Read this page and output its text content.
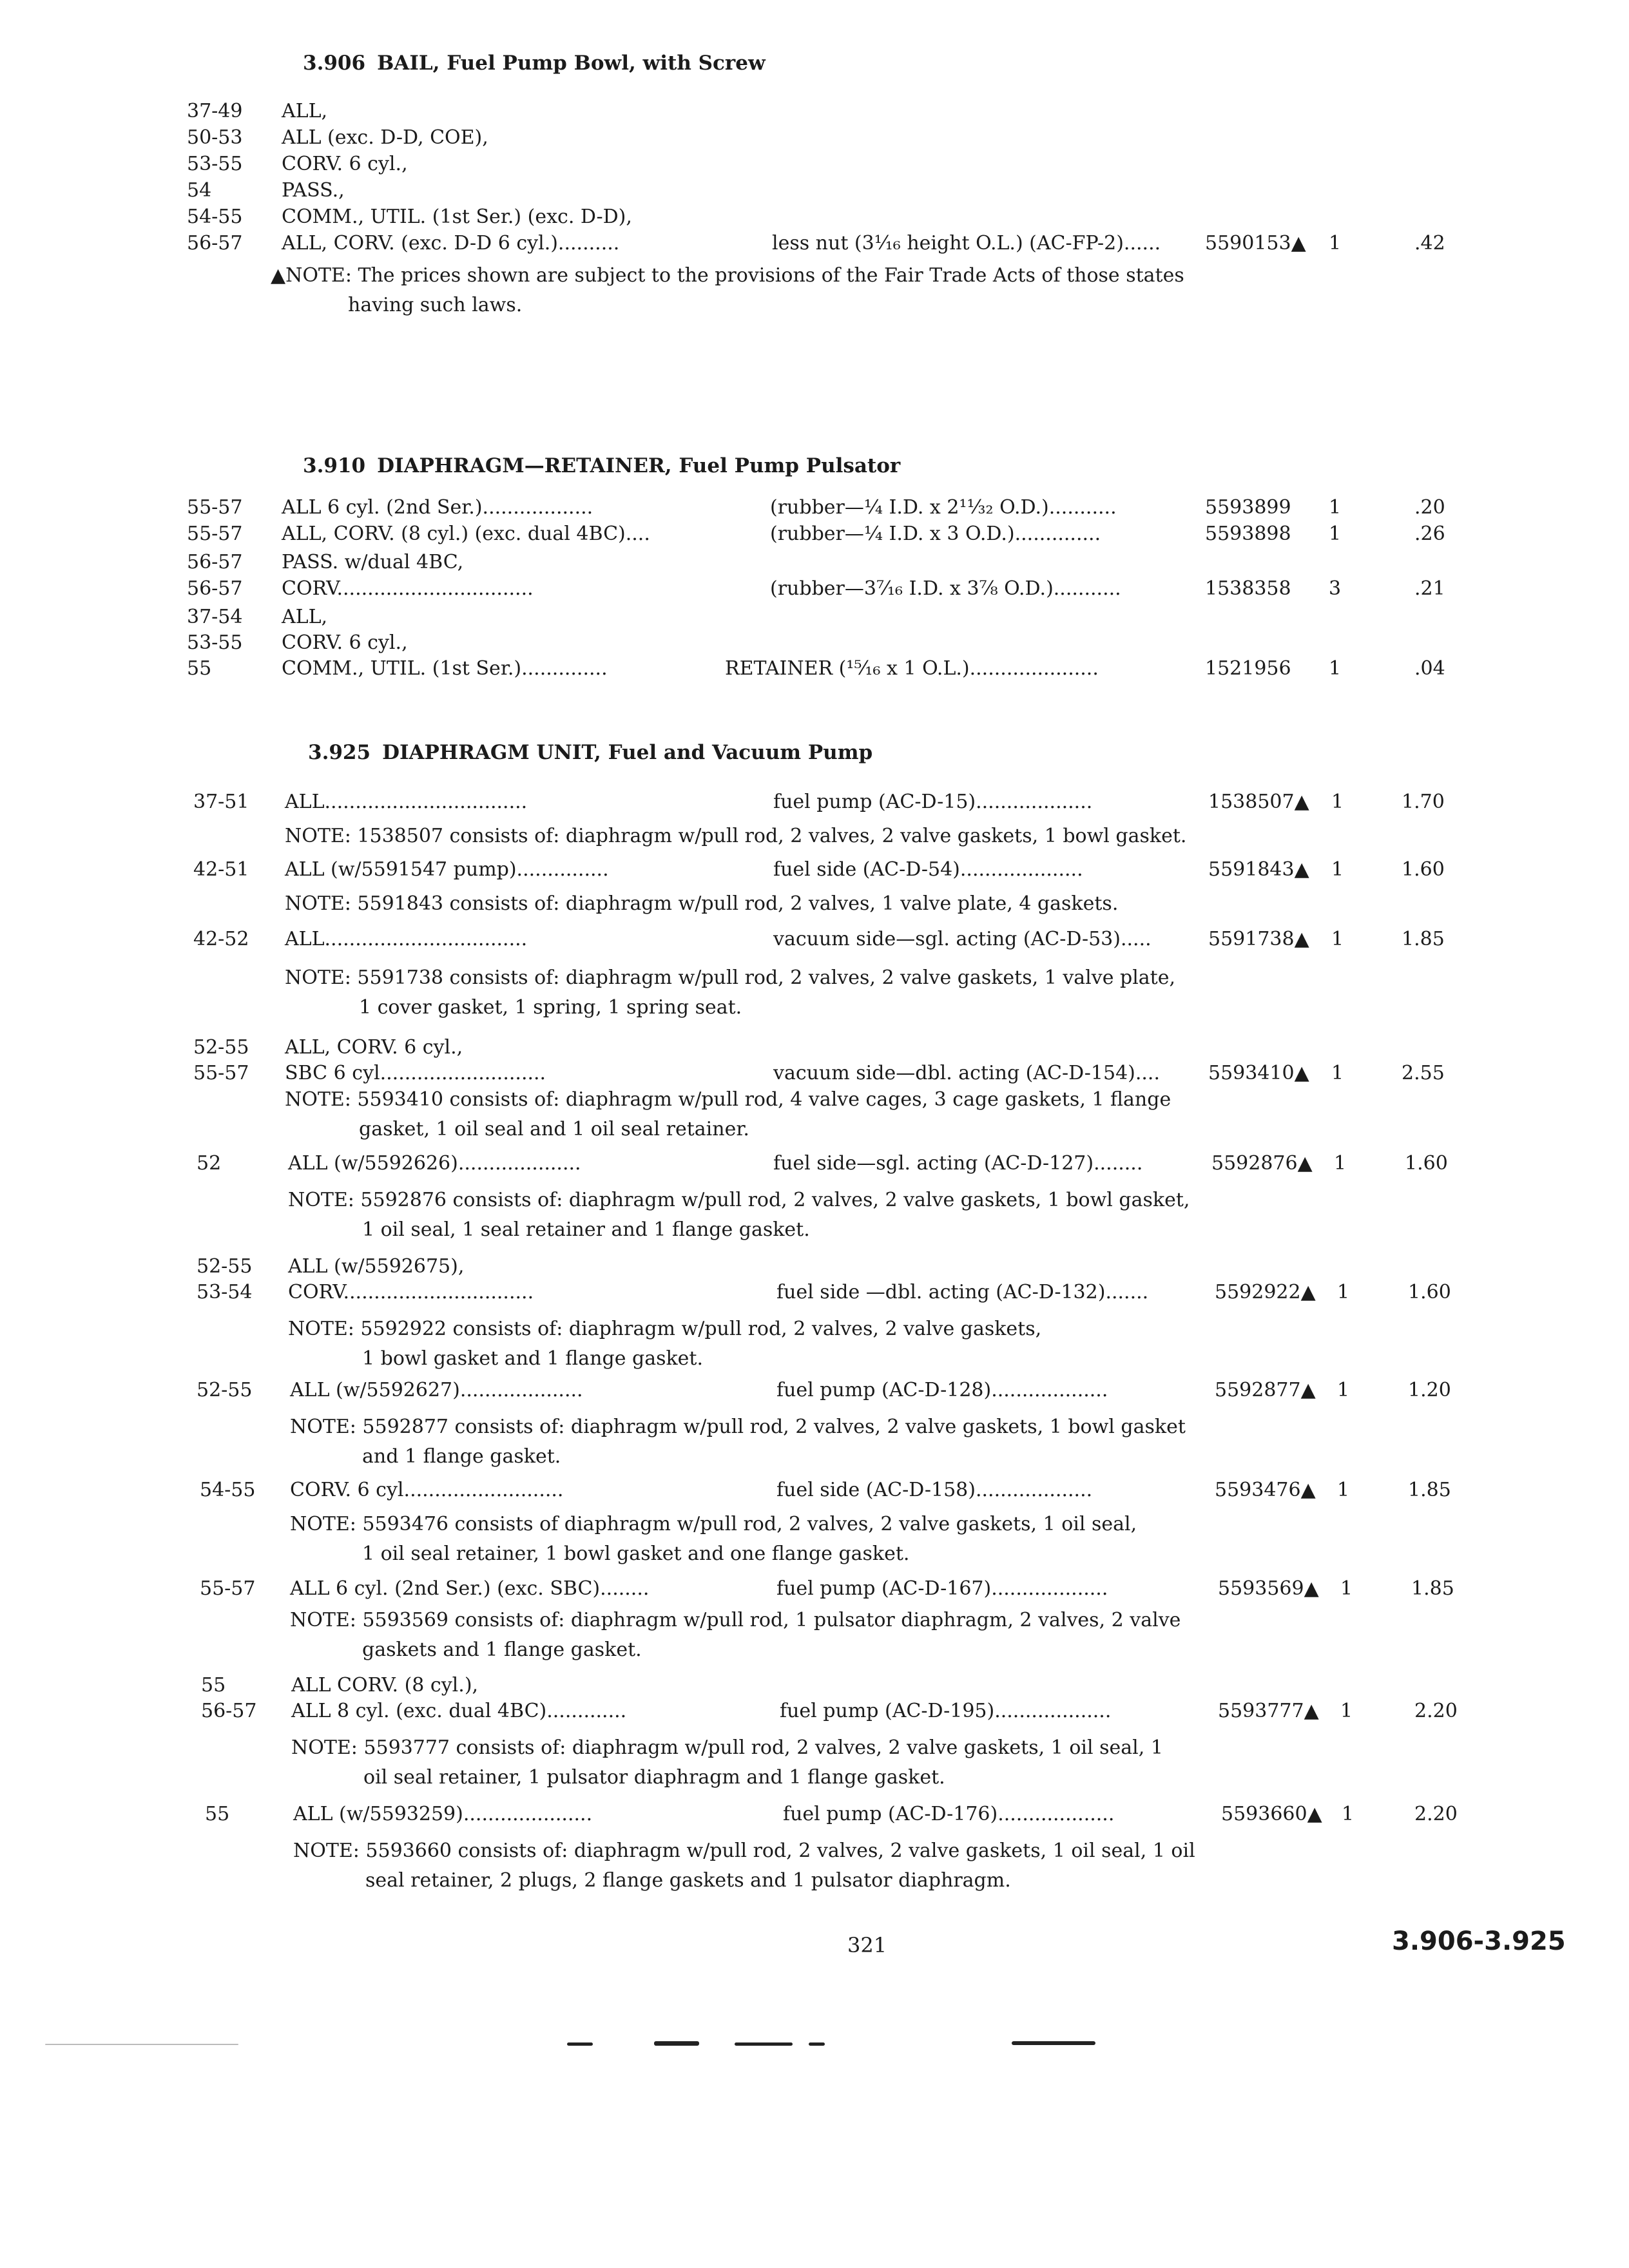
3.906 BAIL, Fuel Pump Bowl, with Screw
37-49 ALL,
50-53 ALL (exc. D-D, COE),
53-55 CORV. 6 cyl.,
54	PASS.,
54-55 COMM., UTIL. (1st Ser.) (exc. D-D),
56-57 ALL, CORV. (exc. D-D 6 cyl.)..........	less nut (3¹⁄₁₆ height O.L.) (AC-FP-2)...... 5590153▲ 1	.42
▲NOTE: The prices shown are subject to the provisions of the Fair Trade Acts of those states
having such laws.
3.910 DIAPHRAGM—RETAINER, Fuel Pump Pulsator
55-57 ALL 6 cyl. (2nd Ser.)..................	(rubber—¼ I.D. x 2¹¹⁄₃₂ O.D.)...........	5593899 1	.20
55-57 ALL, CORV. (8 cyl.) (exc. dual 4BC)....	(rubber—¼ I.D. x 3 O.D.)..............	5593898 1	.26
56-57 PASS. w/dual 4BC,
56-57 CORV................................	(rubber—3⁷⁄₁₆ I.D. x 3⅞ O.D.)...........	1538358 3	.21
37-54 ALL,
53-55 CORV. 6 cyl.,
55	COMM., UTIL. (1st Ser.)..............	RETAINER (¹⁵⁄₁₆ x 1 O.L.).....................	1521956 1	.04
3.925 DIAPHRAGM UNIT, Fuel and Vacuum Pump
37-51 ALL.................................	fuel pump (AC-D-15)...................	1538507▲ 1	1.70
NOTE: 1538507 consists of: diaphragm w/pull rod, 2 valves, 2 valve gaskets, 1 bowl gasket.
42-51 ALL (w/5591547 pump)...............	fuel side (AC-D-54)....................	5591843▲ 1	1.60
NOTE: 5591843 consists of: diaphragm w/pull rod, 2 valves, 1 valve plate, 4 gaskets.
42-52 ALL.................................	vacuum side—sgl. acting (AC-D-53).....	5591738▲ 1	1.85
NOTE: 5591738 consists of: diaphragm w/pull rod, 2 valves, 2 valve gaskets, 1 valve plate,
1 cover gasket, 1 spring, 1 spring seat.
52-55 ALL, CORV. 6 cyl.,
55-57 SBC 6 cyl...........................	vacuum side—dbl. acting (AC-D-154)....	5593410▲ 1	2.55
NOTE: 5593410 consists of: diaphragm w/pull rod, 4 valve cages, 3 cage gaskets, 1 flange
gasket, 1 oil seal and 1 oil seal retainer.
52	ALL (w/5592626)....................	fuel side—sgl. acting (AC-D-127)........	5592876▲ 1	1.60
NOTE: 5592876 consists of: diaphragm w/pull rod, 2 valves, 2 valve gaskets, 1 bowl gasket,
1 oil seal, 1 seal retainer and 1 flange gasket.
52-55 ALL (w/5592675),
53-54 CORV...............................	fuel side —dbl. acting (AC-D-132).......	5592922▲ 1	1.60
NOTE: 5592922 consists of: diaphragm w/pull rod, 2 valves, 2 valve gaskets,
1 bowl gasket and 1 flange gasket.
52-55 ALL (w/5592627)....................	fuel pump (AC-D-128)...................	5592877▲ 1	1.20
NOTE: 5592877 consists of: diaphragm w/pull rod, 2 valves, 2 valve gaskets, 1 bowl gasket
and 1 flange gasket.
54-55 CORV. 6 cyl..........................	fuel side (AC-D-158)...................	5593476▲ 1	1.85
NOTE: 5593476 consists of diaphragm w/pull rod, 2 valves, 2 valve gaskets, 1 oil seal,
1 oil seal retainer, 1 bowl gasket and one flange gasket.
55-57 ALL 6 cyl. (2nd Ser.) (exc. SBC)........	fuel pump (AC-D-167)...................	5593569▲ 1	1.85
NOTE: 5593569 consists of: diaphragm w/pull rod, 1 pulsator diaphragm, 2 valves, 2 valve
gaskets and 1 flange gasket.
55	ALL CORV. (8 cyl.),
56-57 ALL 8 cyl. (exc. dual 4BC).............	fuel pump (AC-D-195)...................	5593777▲ 1	2.20
NOTE: 5593777 consists of: diaphragm w/pull rod, 2 valves, 2 valve gaskets, 1 oil seal, 1
oil seal retainer, 1 pulsator diaphragm and 1 flange gasket.
55	ALL (w/5593259).....................	fuel pump (AC-D-176)...................	5593660▲ 1	2.20
NOTE: 5593660 consists of: diaphragm w/pull rod, 2 valves, 2 valve gaskets, 1 oil seal, 1 oil
seal retainer, 2 plugs, 2 flange gaskets and 1 pulsator diaphragm.
321	3.906-3.925
